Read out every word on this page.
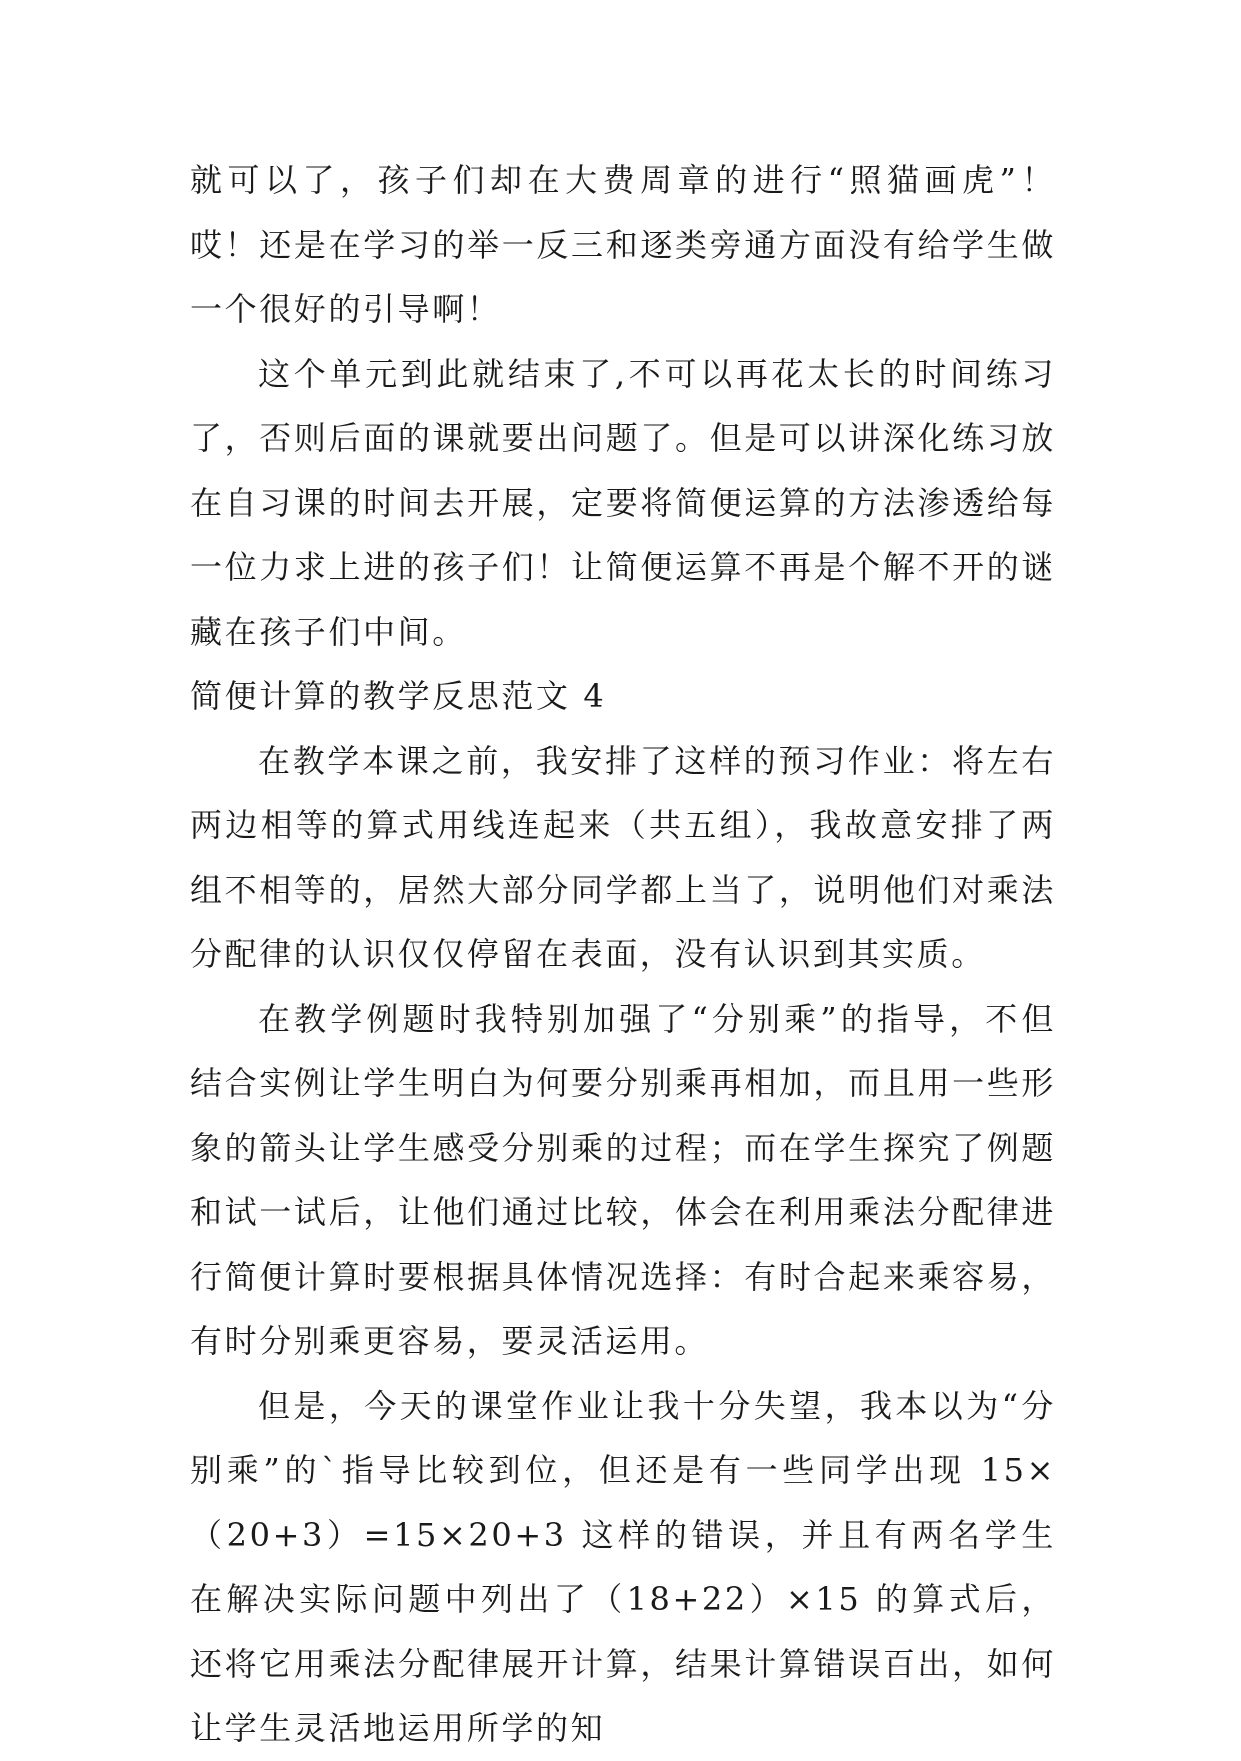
就可以了，孩子们却在大费周章的进行“照猫画虎”！哎！还是在学习的举一反三和逐类旁通方面没有给学生做一个很好的引导啊！

这个单元到此就结束了,不可以再花太长的时间练习了，否则后面的课就要出问题了。但是可以讲深化练习放在自习课的时间去开展，定要将简便运算的方法渗透给每一位力求上进的孩子们！让简便运算不再是个解不开的谜藏在孩子们中间。

简便计算的教学反思范文 4

在教学本课之前，我安排了这样的预习作业：将左右两边相等的算式用线连起来（共五组），我故意安排了两组不相等的，居然大部分同学都上当了，说明他们对乘法分配律的认识仅仅停留在表面，没有认识到其实质。

在教学例题时我特别加强了“分别乘”的指导，不但结合实例让学生明白为何要分别乘再相加，而且用一些形象的箭头让学生感受分别乘的过程；而在学生探究了例题和试一试后，让他们通过比较，体会在利用乘法分配律进行简便计算时要根据具体情况选择：有时合起来乘容易，有时分别乘更容易，要灵活运用。

但是，今天的课堂作业让我十分失望，我本以为“分别乘”的`指导比较到位，但还是有一些同学出现 15×（20+3）=15×20+3 这样的错误，并且有两名学生在解决实际问题中列出了（18+22）×15 的算式后，还将它用乘法分配律展开计算，结果计算错误百出，如何让学生灵活地运用所学的知
